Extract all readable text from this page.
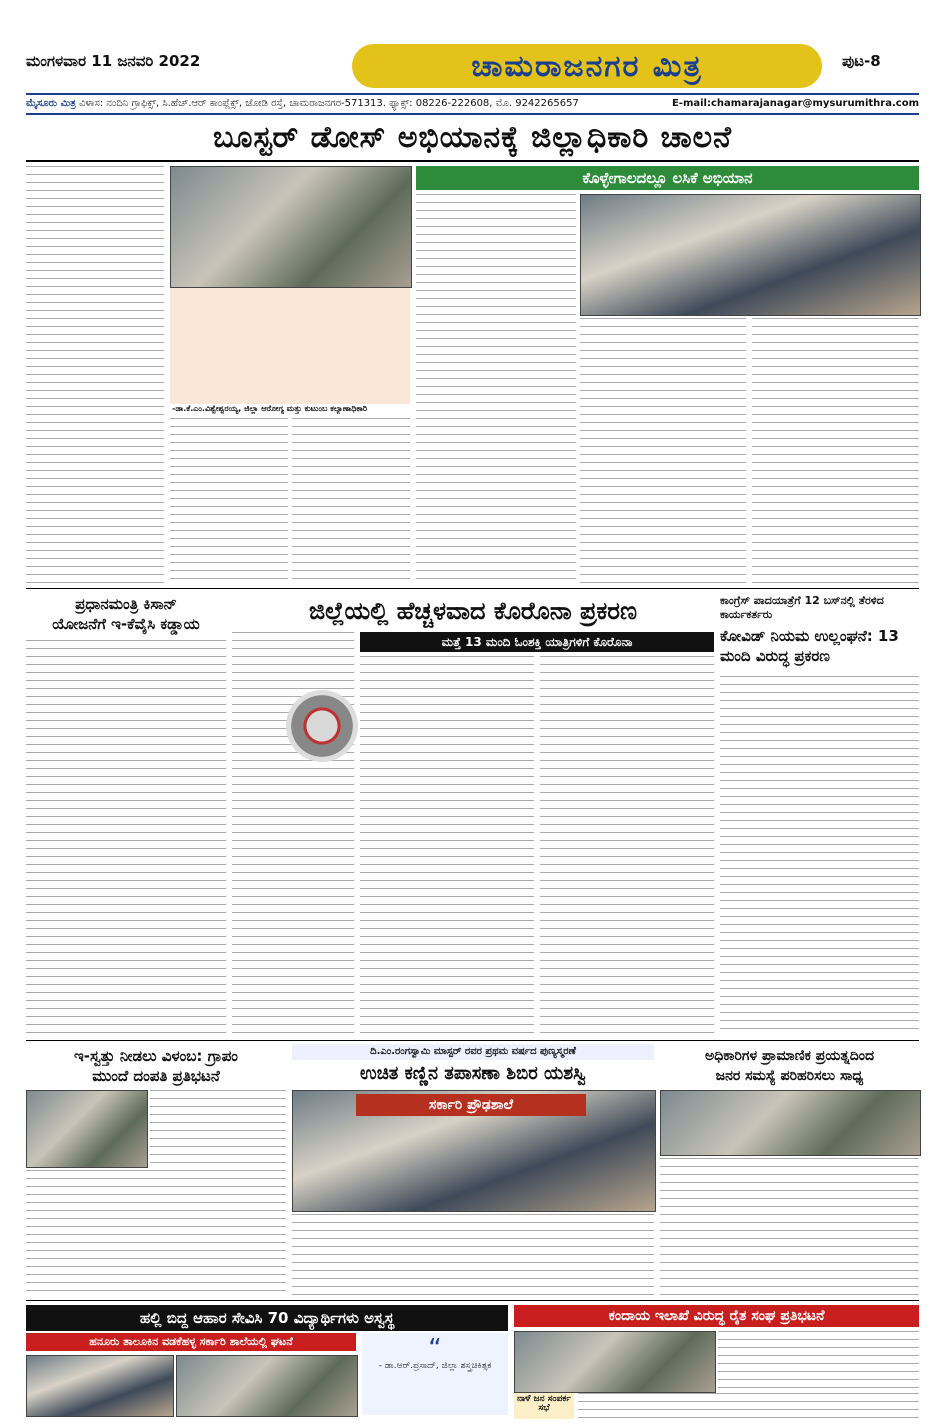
ಮಂಗಳವಾರ 11 ಜನವರಿ 2022	ಚಾಮರಾಜನಗರ ಮಿತ್ರ	ಪುಟ-8
ಮೈಸೂರು ಮಿತ್ರ ವಿಳಾಸ: ನಂದಿನಿ ಗ್ರಾಫಿಕ್ಸ್, ಸಿ.ಹೆಚ್.ಆರ್ ಕಾಂಪ್ಲೆಕ್ಸ್, ಜೋಡಿ ರಸ್ತೆ, ಚಾಮರಾಜನಗರ-571313. ಫ್ಯಾಕ್ಸ್: 08226-222608, ಮೊ. 9242265657	E-mail:chamarajanagar@mysurumithra.com
ಬೂಸ್ಟರ್ ಡೋಸ್ ಅಭಿಯಾನಕ್ಕೆ ಜಿಲ್ಲಾಧಿಕಾರಿ ಚಾಲನೆ
-ಡಾ.ಕೆ.ಎಂ.ವಿಶ್ವೇಶ್ವರಯ್ಯ, ಜಿಲ್ಲಾ ಆರೋಗ್ಯ ಮತ್ತು ಕುಟುಂಬ ಕಲ್ಯಾಣಾಧಿಕಾರಿ
ಕೊಳ್ಳೇಗಾಲದಲ್ಲೂ ಲಸಿಕೆ ಅಭಿಯಾನ
ಪ್ರಧಾನಮಂತ್ರಿ ಕಿಸಾನ್
ಯೋಜನೆಗೆ ಇ-ಕೆವೈಸಿ ಕಡ್ಡಾಯ	ಜಿಲ್ಲೆಯಲ್ಲಿ ಹೆಚ್ಚಳವಾದ ಕೊರೊನಾ ಪ್ರಕರಣ
ಮತ್ತೆ 13 ಮಂದಿ ಓಂಶಕ್ತಿ ಯಾತ್ರಿಗಳಿಗೆ ಕೊರೊನಾ
ಕಾಂಗ್ರೆಸ್ ಪಾದಯಾತ್ರೆಗೆ 12 ಬಸ್‌ನಲ್ಲಿ ತೆರಳಿದ ಕಾರ್ಯಕರ್ತರು
ಕೋವಿಡ್ ನಿಯಮ ಉಲ್ಲಂಘನೆ: 13 ಮಂದಿ ವಿರುದ್ಧ ಪ್ರಕರಣ
ಇ-ಸ್ವತ್ತು ನೀಡಲು ವಿಳಂಬ: ಗ್ರಾಪಂ
ಮುಂದೆ ದಂಪತಿ ಪ್ರತಿಭಟನೆ
ದಿ.ಎಂ.ರಂಗಸ್ವಾಮಿ ಮಾಸ್ಟರ್ ರವರ ಪ್ರಥಮ ವರ್ಷದ ಪುಣ್ಯಸ್ಮರಣೆ
ಉಚಿತ ಕಣ್ಣಿನ ತಪಾಸಣಾ ಶಿಬಿರ ಯಶಸ್ವಿ
ಸರ್ಕಾರಿ ಪ್ರೌಢಶಾಲೆ
ಅಧಿಕಾರಿಗಳ ಪ್ರಾಮಾಣಿಕ ಪ್ರಯತ್ನದಿಂದ
ಜನರ ಸಮಸ್ಯೆ ಪರಿಹರಿಸಲು ಸಾಧ್ಯ
ಹಲ್ಲಿ ಬಿದ್ದ ಆಹಾರ ಸೇವಿಸಿ 70 ವಿದ್ಯಾರ್ಥಿಗಳು ಅಸ್ವಸ್ಥ
ಹನೂರು ತಾಲೂಕಿನ ವಡಕೆಹಳ್ಳ ಸರ್ಕಾರಿ ಶಾಲೆಯಲ್ಲಿ ಘಟನೆ	“
- ಡಾ.ಆರ್.ಪ್ರಸಾದ್, ಜಿಲ್ಲಾ ಶಸ್ತ್ರಚಿಕಿತ್ಸಕ
ಕಂದಾಯ ಇಲಾಖೆ ವಿರುದ್ಧ ರೈತ ಸಂಘ ಪ್ರತಿಭಟನೆ
ನಾಳೆ ಜನ ಸಂಪರ್ಕ ಸಭೆ
